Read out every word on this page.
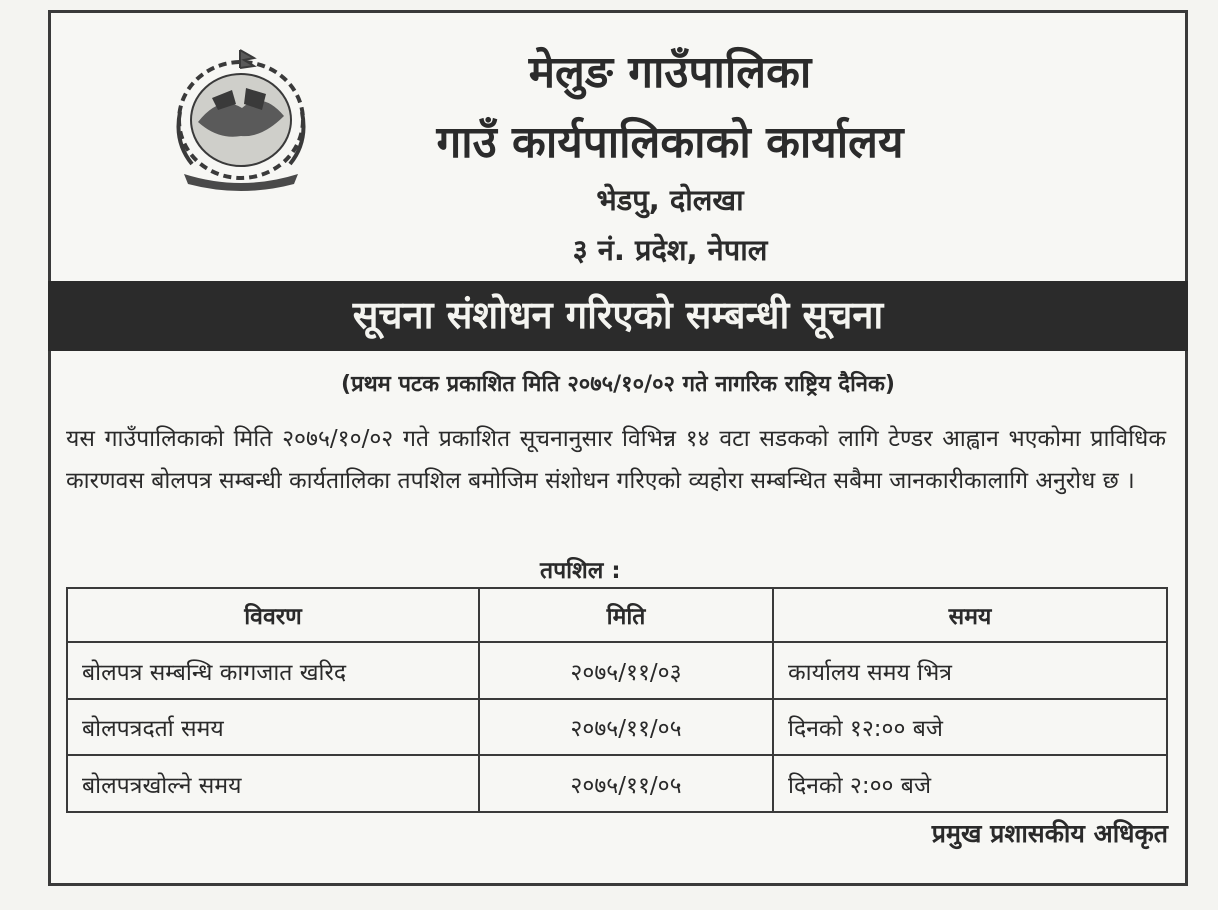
मेलुङ गाउँपालिका
गाउँ कार्यपालिकाको कार्यालय
भेडपु, दोलखा
३ नं. प्रदेश, नेपाल
सूचना संशोधन गरिएको सम्बन्धी सूचना
(प्रथम पटक प्रकाशित मिति २०७५/१०/०२ गते नागरिक राष्ट्रिय दैनिक)
यस गाउँपालिकाको मिति २०७५/१०/०२ गते प्रकाशित सूचनानुसार विभिन्न १४ वटा सडकको लागि टेण्डर आह्वान भएकोमा प्राविधिक कारणवस बोलपत्र सम्बन्धी कार्यतालिका तपशिल बमोजिम संशोधन गरिएको व्यहोरा सम्बन्धित सबैमा जानकारीकालागि अनुरोध छ ।
तपशिल :
विवरण	मिति	समय
बोलपत्र सम्बन्धि कागजात खरिद	२०७५/११/०३	कार्यालय समय भित्र
बोलपत्रदर्ता समय	२०७५/११/०५	दिनको १२:०० बजे
बोलपत्रखोल्ने समय	२०७५/११/०५	दिनको २:०० बजे
प्रमुख प्रशासकीय अधिकृत
